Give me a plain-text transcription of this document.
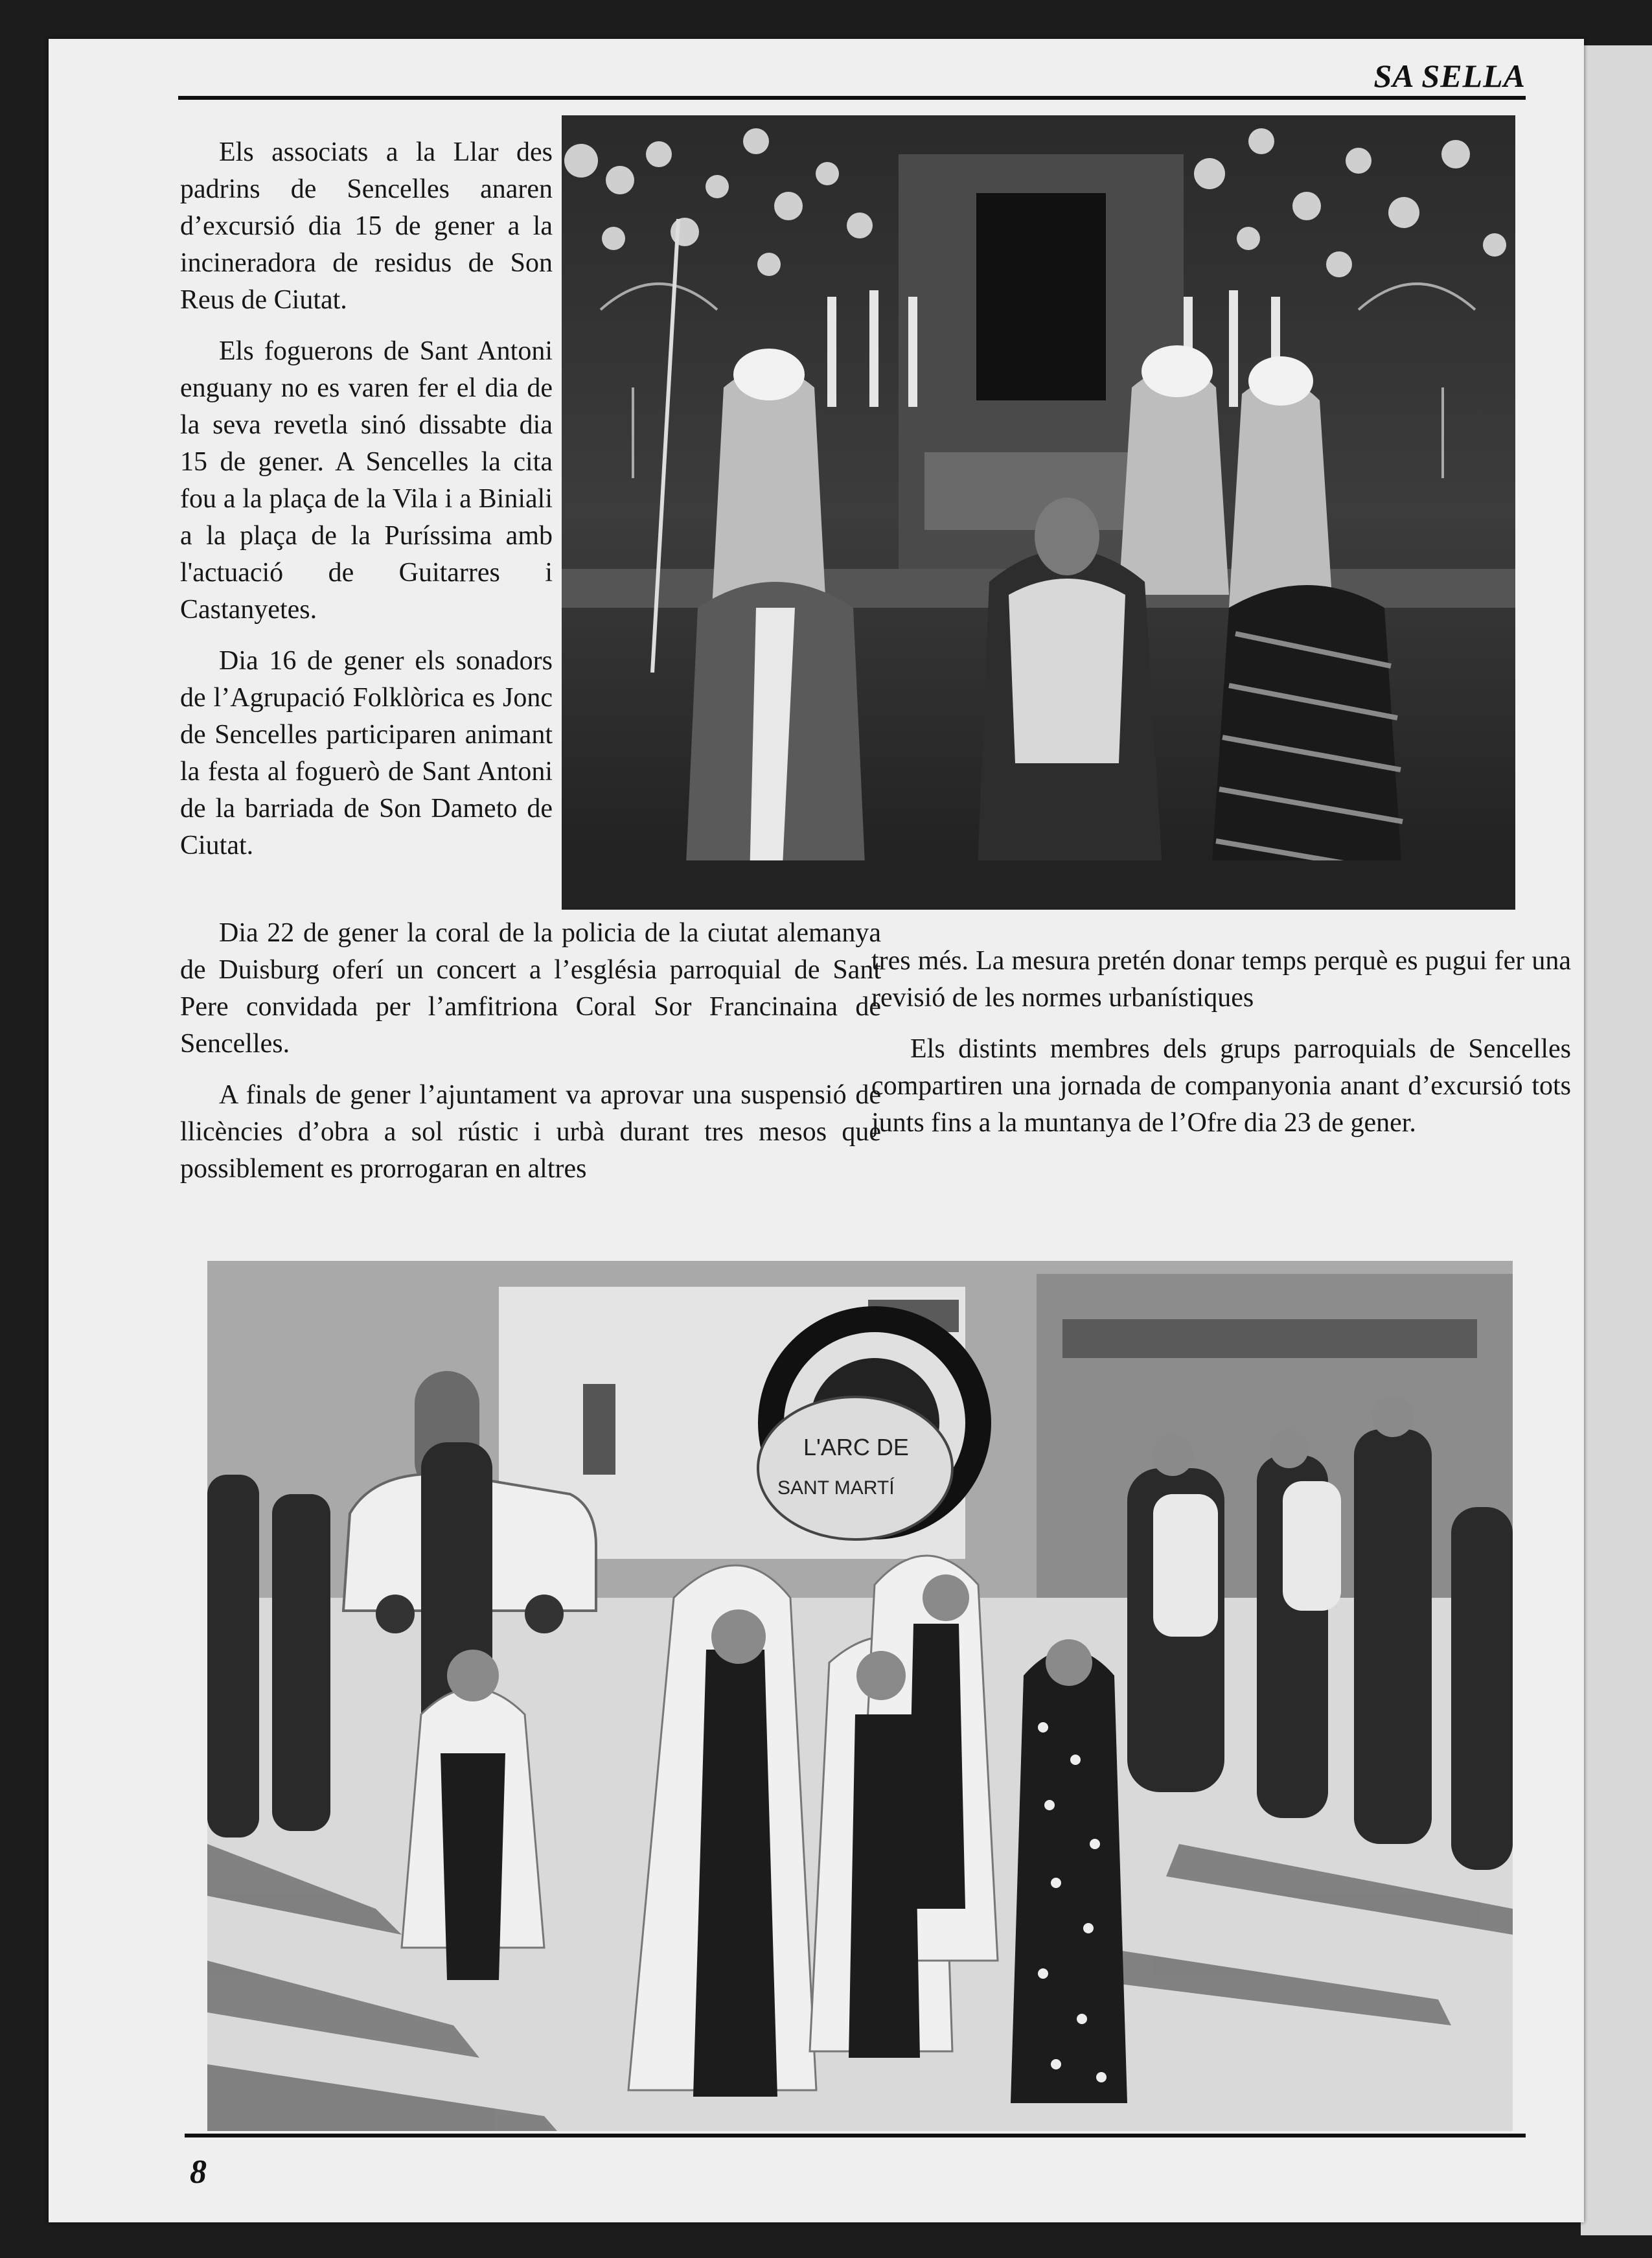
SA SELLA

Els associats a la Llar des padrins de Sencelles anaren d’excursió dia 15 de gener a la incineradora de residus de Son Reus de Ciutat.

Els foguerons de Sant Antoni enguany no es varen fer el dia de la seva revetla sinó dissabte dia 15 de gener. A Sencelles la cita fou a la plaça de la Vila i a Biniali a la plaça de la Puríssima amb l'actuació de Guitarres i Castanyetes.

Dia 16 de gener els sonadors de l’Agrupació Folklòrica es Jonc de Sencelles participaren animant la festa al foguerò de Sant Antoni de la barriada de Son Dameto de Ciutat.

Dia 22 de gener la coral de la policia de la ciutat alemanya de Duisburg oferí un concert a l’església parroquial de Sant Pere convidada per l’amfitriona Coral Sor Francinaina de Sencelles.

A finals de gener l’ajuntament va aprovar una suspensió de llicències d’obra a sol rústic i urbà durant tres mesos que possiblement es prorrogaran en altres

tres més. La mesura pretén donar temps perquè es pugui fer una revisió de les normes urbanístiques

Els distints membres dels grups parroquials de Sencelles compartiren una jornada de companyonia anant d’excursió tots junts fins a la muntanya de l’Ofre dia 23 de gener.

L'ARC DE
SANT MARTÍ
8
